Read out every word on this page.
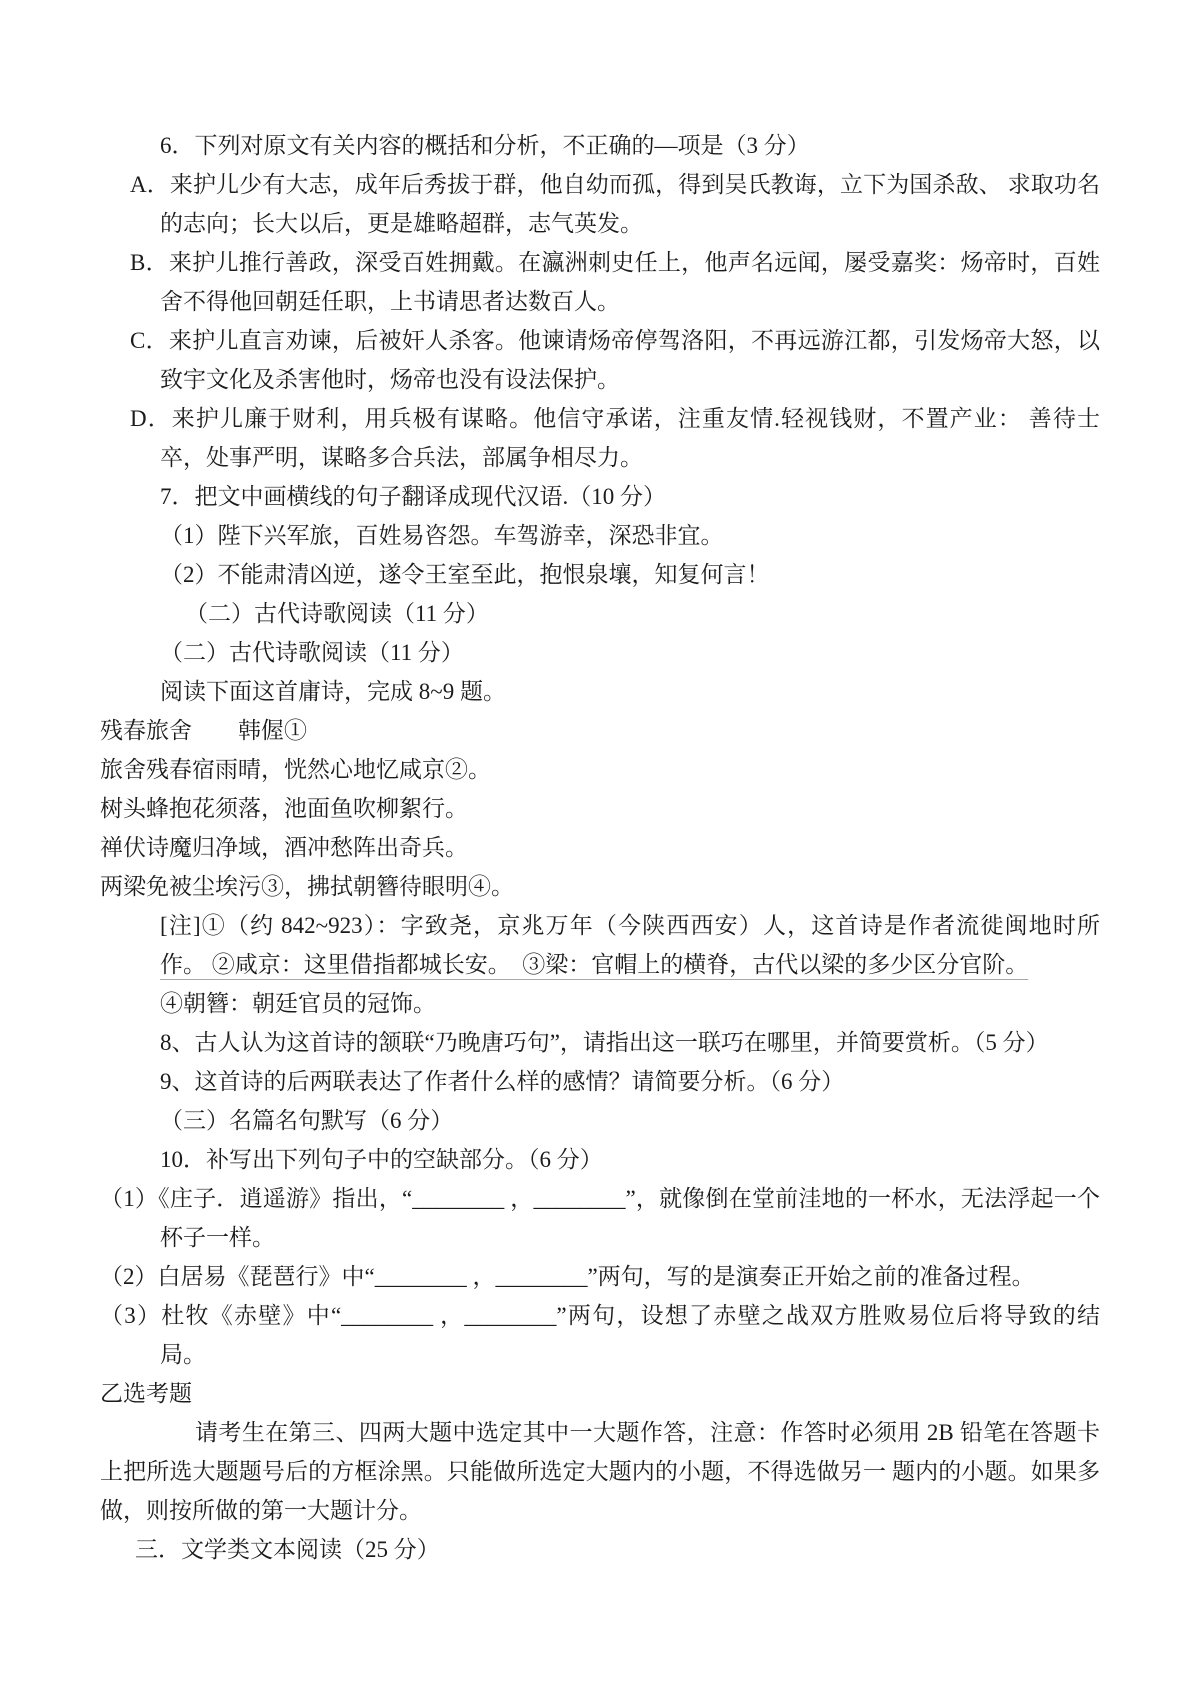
6．下列对原文有关内容的概括和分析，不正确的—项是（3 分）

A．来护儿少有大志，成年后秀拔于群，他自幼而孤，得到吴氏教诲，立下为国杀敌、 求取功名的志向；长大以后，更是雄略超群，志气英发。

B．来护儿推行善政，深受百姓拥戴。在瀛洲刺史任上，他声名远闻，屡受嘉奖：炀帝时，百姓舍不得他回朝廷任职，上书请思者达数百人。

C．来护儿直言劝谏，后被奸人杀客。他谏请炀帝停驾洛阳，不再远游江都，引发炀帝大怒，以致宇文化及杀害他时，炀帝也没有设法保护。

D．来护儿廉于财利，用兵极有谋略。他信守承诺，注重友情.轻视钱财，不置产业： 善待士卒，处事严明，谋略多合兵法，部属争相尽力。

7．把文中画横线的句子翻译成现代汉语.（10 分）

（1）陛下兴军旅，百姓易咨怨。车驾游幸，深恐非宜。

（2）不能肃清凶逆，遂令王室至此，抱恨泉壤，知复何言！

（二）古代诗歌阅读（11 分）

（二）古代诗歌阅读（11 分）

阅读下面这首庸诗，完成 8~9 题。

残春旅舍　　韩偓①

旅舍残春宿雨晴，恍然心地忆咸京②。

树头蜂抱花须落，池面鱼吹柳絮行。

禅伏诗魔归净域，酒冲愁阵出奇兵。

两梁免被尘埃污③，拂拭朝簪待眼明④。

[注]①（约 842~923）：字致尧，京兆万年（今陕西西安）人，这首诗是作者流徙闽地时所作。 ②咸京：这里借指都城长安。　③梁：官帽上的横脊，古代以梁的多少区分官阶。

④朝簪：朝廷官员的冠饰。

8、古人认为这首诗的颔联“乃晚唐巧句”，请指出这一联巧在哪里，并简要赏析。（5 分）

9、这首诗的后两联表达了作者什么样的感情？请简要分析。（6 分）

（三）名篇名句默写（6 分）

10．补写出下列句子中的空缺部分。（6 分）

（1）《庄子．逍遥游》指出，“________ ，________”，就像倒在堂前洼地的一杯水，无法浮起一个杯子一样。

（2）白居易《琵琶行》中“________ ，________”两句，写的是演奏正开始之前的准备过程。

（3）杜牧《赤壁》中“________ ，________”两句，设想了赤壁之战双方胜败易位后将导致的结局。

乙选考题

请考生在第三、四两大题中选定其中一大题作答，注意：作答时必须用 2B 铅笔在答题卡上把所选大题题号后的方框涂黑。只能做所选定大题内的小题，不得选做另一 题内的小题。如果多做，则按所做的第一大题计分。

三．文学类文本阅读（25 分）
